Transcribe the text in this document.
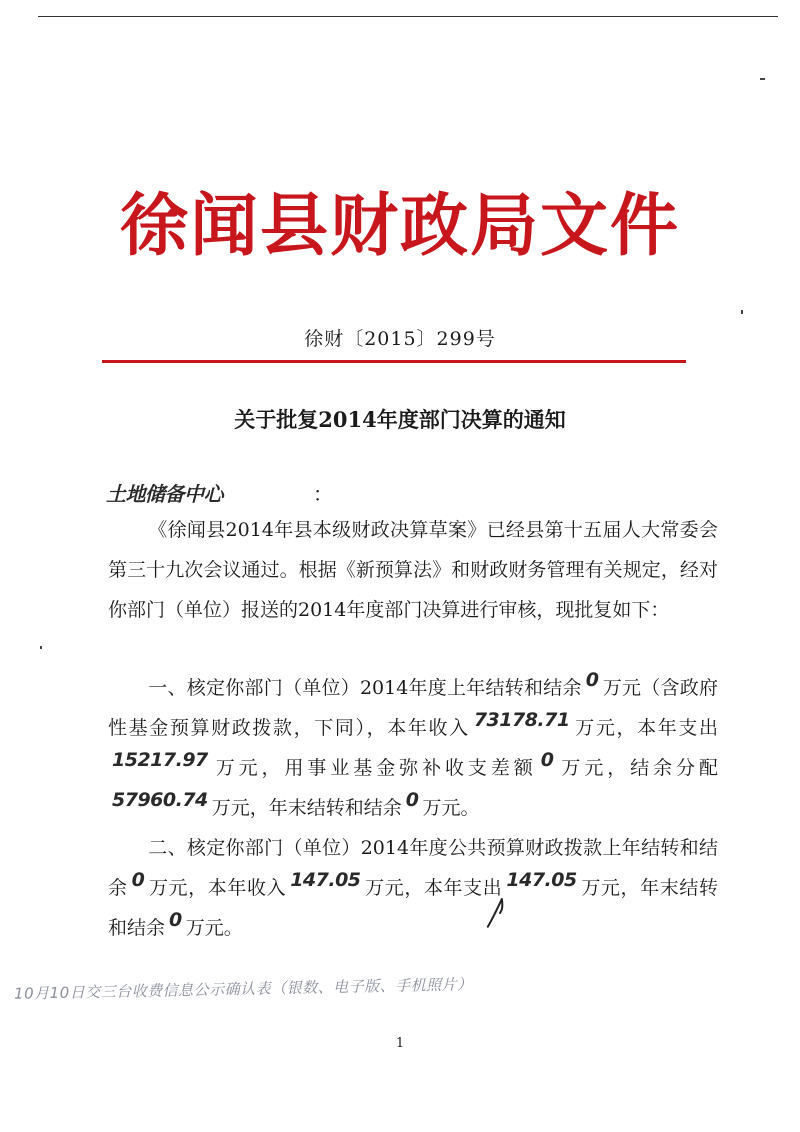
徐闻县财政局文件
徐财〔2015〕299号
关于批复2014年度部门决算的通知
土地储备中心	：
《徐闻县2014年县本级财政决算草案》已经县第十五届人大常委会第三十九次会议通过。根据《新预算法》和财政财务管理有关规定，经对你部门（单位）报送的2014年度部门决算进行审核，现批复如下：
一、核定你部门（单位）2014年度上年结转和结余 0 万元（含政府性基金预算财政拨款，下同），本年收入 73178.71 万元，本年支出15217.97 万元，用事业基金弥补收支差额 0 万元，结余分配57960.74 万元，年末结转和结余 0 万元。
二、核定你部门（单位）2014年度公共预算财政拨款上年结转和结余 0 万元，本年收入 147.05 万元，本年支出 147.05 万元，年末结转和结余 0 万元。
10月10日交三台收费信息公示确认表（银数、电子版、手机照片）
1
